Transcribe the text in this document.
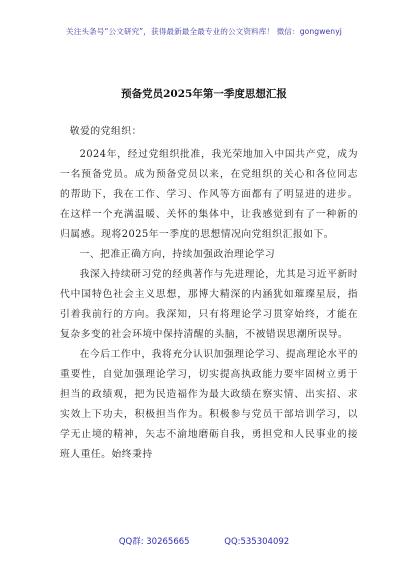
关注头条号“公文研究”，获得最新最全最专业的公文资料库！ 微信：gongwenyj
预备党员2025年第一季度思想汇报

敬爱的党组织：

2024年，经过党组织批准，我光荣地加入中国共产党，成为一名预备党员。成为预备党员以来，在党组织的关心和各位同志的帮助下，我在工作、学习、作风等方面都有了明显进的进步。在这样一个充满温暖、关怀的集体中，让我感觉到有了一种新的归属感。现将2025年一季度的思想情况向党组织汇报如下。

一、把准正确方向，持续加强政治理论学习

我深入持续研习党的经典著作与先进理论，尤其是习近平新时代中国特色社会主义思想，那博大精深的内涵犹如璀璨星辰，指引着我前行的方向。我深知，只有将理论学习贯穿始终，才能在复杂多变的社会环境中保持清醒的头脑，不被错误思潮所误导。

在今后工作中，我将充分认识加强理论学习、提高理论水平的重要性，自觉加强理论学习，切实提高执政能力要牢固树立勇于担当的政绩观，把为民造福作为最大政绩在察实情、出实招、求实效上下功夫，积极担当作为。积极参与党员干部培训学习，以学无止境的精神，矢志不渝地磨砺自我，勇担党和人民事业的接班人重任。始终秉持

QQ群: 30265665	QQ:535304092
